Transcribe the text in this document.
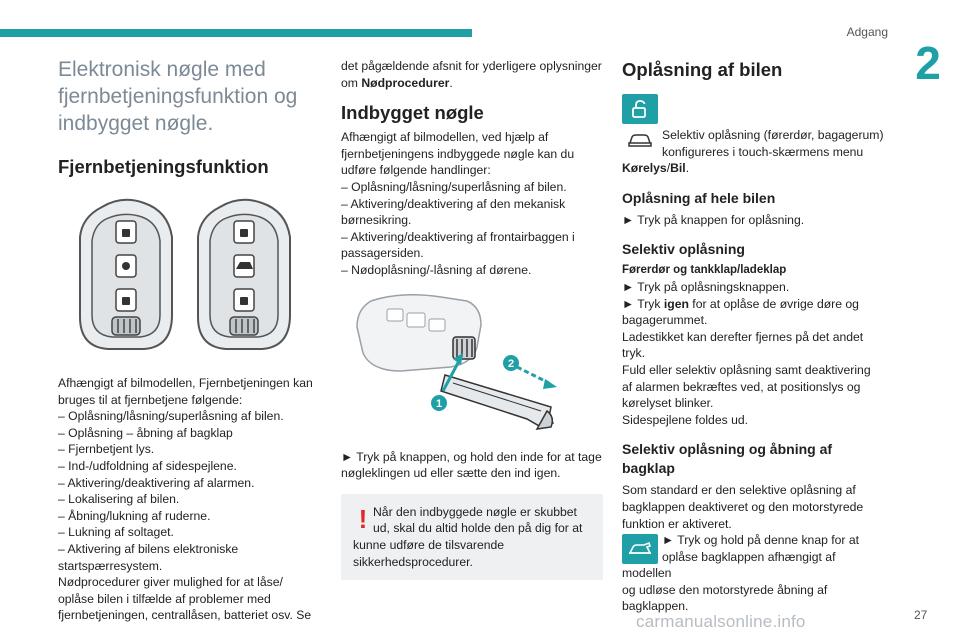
Adgang
2
27
Elektronisk nøgle med fjernbetjeningsfunktion og indbygget nøgle.
Fjernbetjeningsfunktion
Afhængigt af bilmodellen, Fjernbetjeningen kan
bruges til at fjernbetjene følgende:
– Oplåsning/låsning/superlåsning af bilen.
– Oplåsning – åbning af bagklap
– Fjernbetjent lys.
– Ind-/udfoldning af sidespejlene.
– Aktivering/deaktivering af alarmen.
– Lokalisering af bilen.
– Åbning/lukning af ruderne.
– Lukning af soltaget.
– Aktivering af bilens elektroniske
startspærresystem.
Nødprocedurer giver mulighed for at låse/
oplåse bilen i tilfælde af problemer med
fjernbetjeningen, centrallåsen, batteriet osv. Se
det pågældende afsnit for yderligere oplysninger
om Nødprocedurer.
Indbygget nøgle
Afhængigt af bilmodellen, ved hjælp af
fjernbetjeningens indbyggede nøgle kan du
udføre følgende handlinger:
– Oplåsning/låsning/superlåsning af bilen.
– Aktivering/deaktivering af den mekanisk
børnesikring.
– Aktivering/deaktivering af frontairbaggen i
passagersiden.
– Nødoplåsning/-låsning af dørene.
1
2
► Tryk på knappen, og hold den inde for at tage
nøgleklingen ud eller sætte den ind igen.
! Når den indbyggede nøgle er skubbet
ud, skal du altid holde den på dig for at
kunne udføre de tilsvarende
sikkerhedsprocedurer.
Oplåsning af bilen
Selektiv oplåsning (førerdør, bagagerum)
konfigureres i touch-skærmens menu
Kørelys/Bil.
Oplåsning af hele bilen
► Tryk på knappen for oplåsning.
Selektiv oplåsning
Førerdør og tankklap/ladeklap
► Tryk på oplåsningsknappen.
► Tryk igen for at oplåse de øvrige døre og
bagagerummet.
Ladestikket kan derefter fjernes på det andet
tryk.
Fuld eller selektiv oplåsning samt deaktivering
af alarmen bekræftes ved, at positionslys og
kørelyset blinker.
Sidespejlene foldes ud.
Selektiv oplåsning og åbning af
bagklap
Som standard er den selektive oplåsning af
bagklappen deaktiveret og den motorstyrede
funktion er aktiveret.
► Tryk og hold på denne knap for at
oplåse bagklappen afhængigt af modellen
og udløse den motorstyrede åbning af
bagklappen.
carmanualsonline.info
